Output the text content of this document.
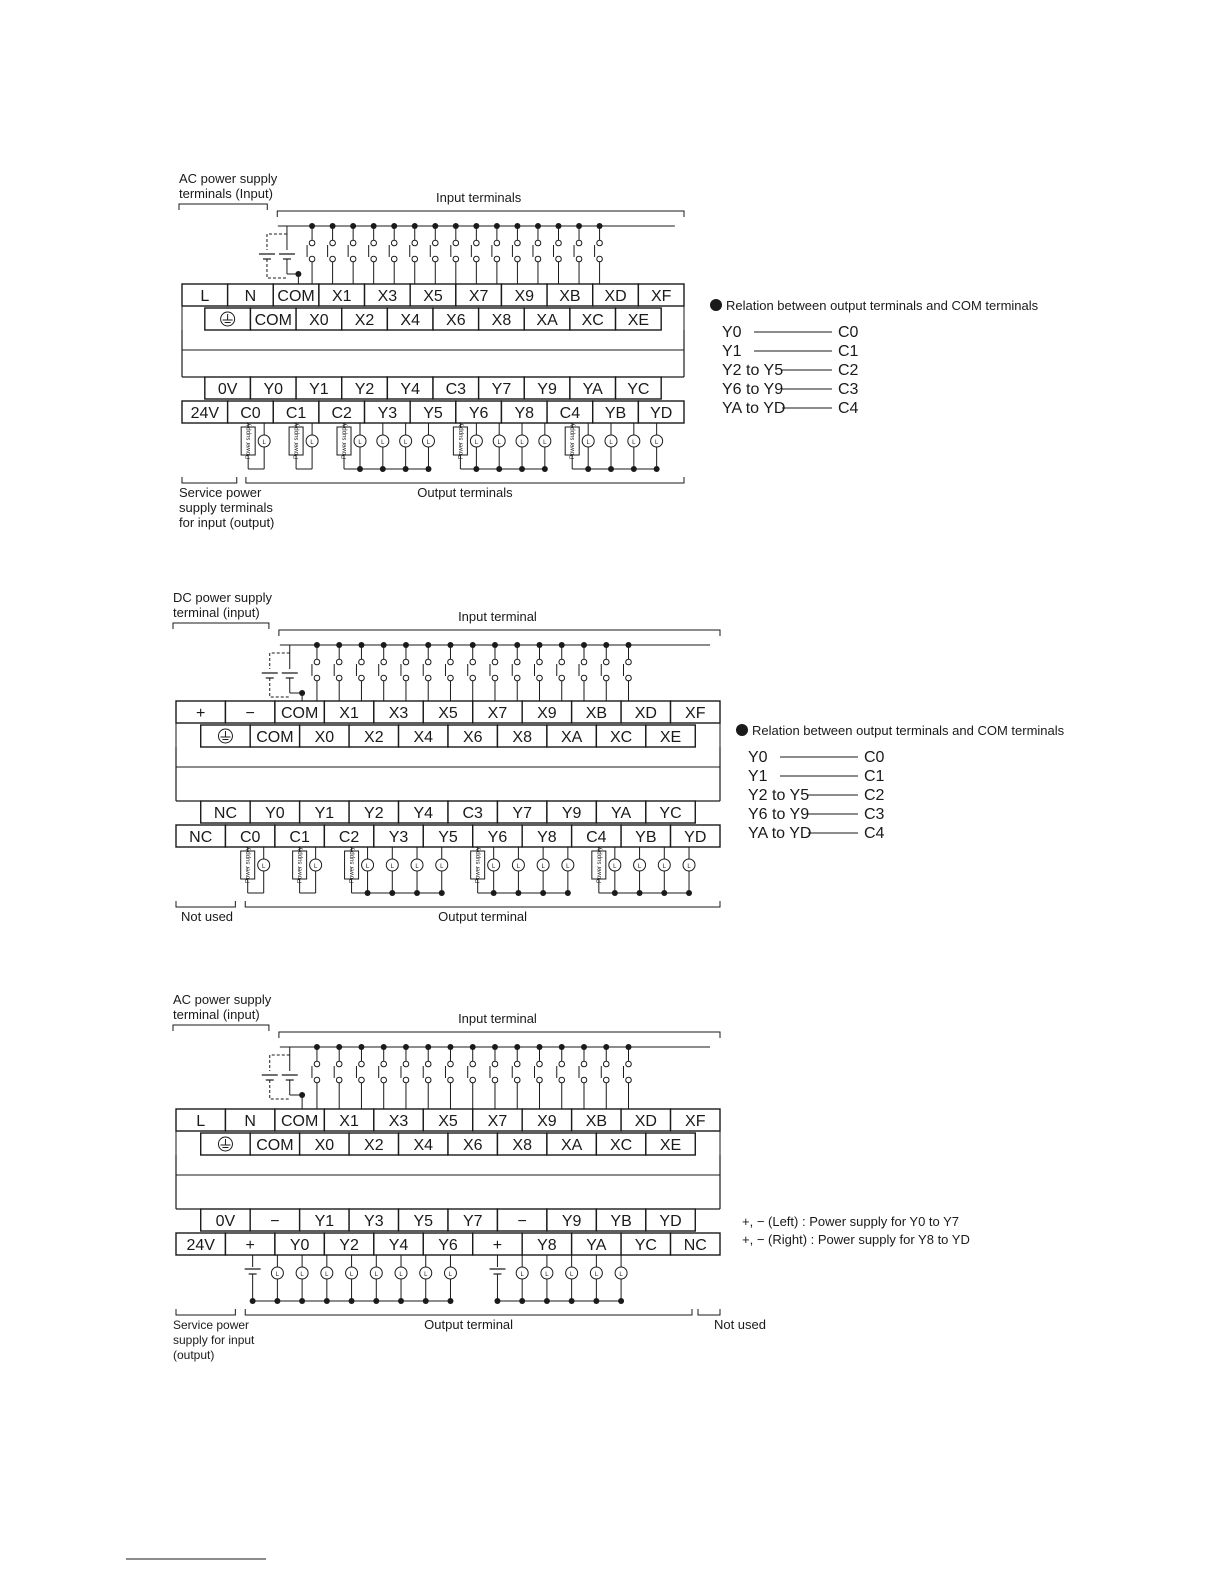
AC power supply
terminals (Input)	Input terminals
L N COM X1 X3 X5 X7 X9 XB XD XF
COM X0 X2 X4 X6 X8 XA XC XE
0V Y0 Y1 Y2 Y4 C3 Y7 Y9 YA YC
24V C0 C1 C2 Y3 Y5 Y6 Y8 C4 YB YD
Power supply L	Power supply L	Power supply L	L	L	L	Power supply L	L	L	L	Power supply L	L	L	L
Service power
supply terminals
for input (output)
Output terminals
Relation between output terminals and COM terminals
Y0	C0
Y1	C1
Y2 to Y5	C2
Y6 to Y9	C3
YA to YD	C4
DC power supply
terminal (input)	Input terminal
+	− COM X1 X3 X5 X7 X9 XB XD XF
COM X0 X2 X4 X6 X8 XA XC XE
NC Y0 Y1 Y2 Y4 C3 Y7 Y9 YA YC
NC C0 C1 C2 Y3 Y5 Y6 Y8 C4 YB YD
Power supply L	Power supply L	Power supply L	L	L	L	Power supply L	L	L	L	Power supply L	L	L	L
Not used	Output terminal
Relation between output terminals and COM terminals
Y0	C0
Y1	C1
Y2 to Y5	C2
Y6 to Y9	C3
YA to YD	C4
AC power supply
terminal (input)	Input terminal
L N COM X1 X3 X5 X7 X9 XB XD XF
COM X0 X2 X4 X6 X8 XA XC XE
0V − Y1 Y3 Y5 Y7 − Y9 YB YD
24V + Y0 Y2 Y4 Y6 + Y8 YA YC NC
L	L	L	L	L	L	L	L	L	L	L	L	L
Service power
supply for input
(output)
Output terminal	Not used
+, − (Left) : Power supply for Y0 to Y7
+, − (Right) : Power supply for Y8 to YD
